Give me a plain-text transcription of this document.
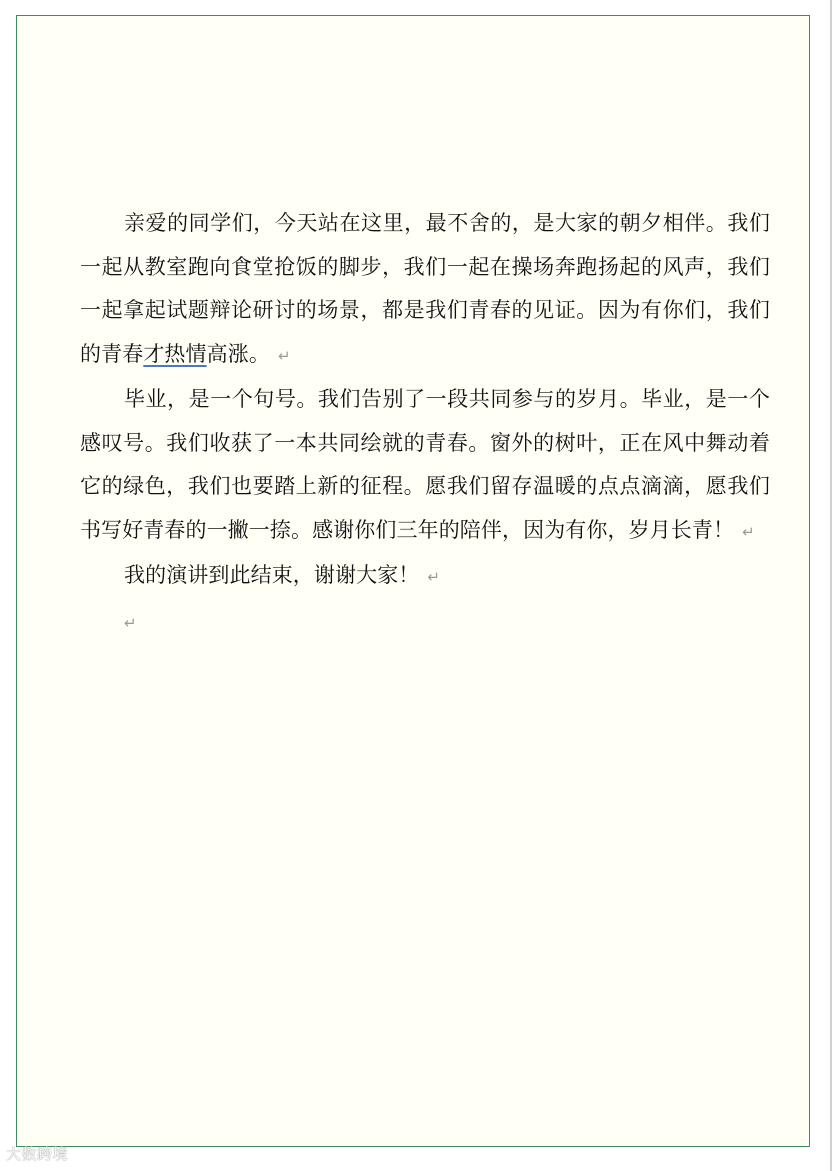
亲爱的同学们，今天站在这里，最不舍的，是大家的朝夕相伴。我们一起从教室跑向食堂抢饭的脚步，我们一起在操场奔跑扬起的风声，我们一起拿起试题辩论研讨的场景，都是我们青春的见证。因为有你们，我们的青春才热情高涨。 ↵

毕业，是一个句号。我们告别了一段共同参与的岁月。毕业，是一个感叹号。我们收获了一本共同绘就的青春。窗外的树叶，正在风中舞动着它的绿色，我们也要踏上新的征程。愿我们留存温暖的点点滴滴，愿我们书写好青春的一撇一捺。感谢你们三年的陪伴，因为有你，岁月长青！ ↵

我的演讲到此结束，谢谢大家！ ↵

↵

大数跨境
